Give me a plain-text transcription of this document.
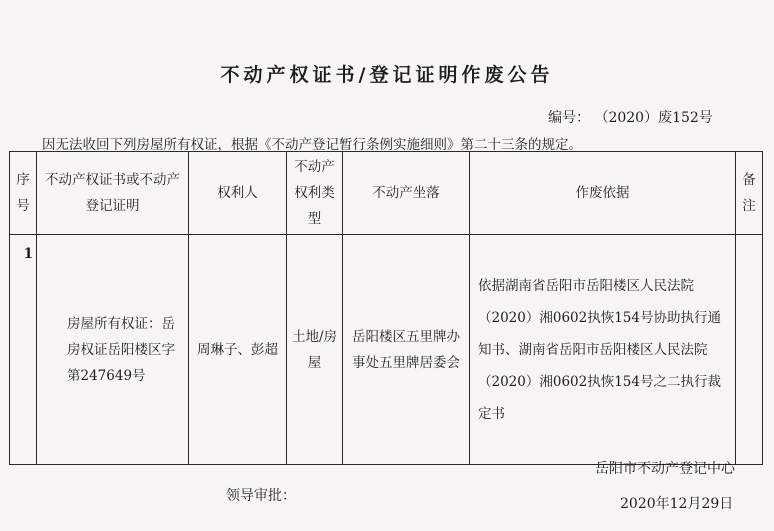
不动产权证书/登记证明作废公告
编号： （2020）废152号
因无法收回下列房屋所有权证，根据《不动产登记暂行条例实施细则》第二十三条的规定。
序号	不动产权证书或不动产登记证明	权利人	不动产权利类型	不动产坐落	作废依据	备注
1	房屋所有权证：岳房权证岳阳楼区字第247649号	周琳子、彭超	土地/房屋	岳阳楼区五里牌办事处五里牌居委会	依据湖南省岳阳市岳阳楼区人民法院（2020）湘0602执恢154号协助执行通知书、湖南省岳阳市岳阳楼区人民法院（2020）湘0602执恢154号之二执行裁定书	
岳阳市不动产登记中心
领导审批：	2020年12月29日
